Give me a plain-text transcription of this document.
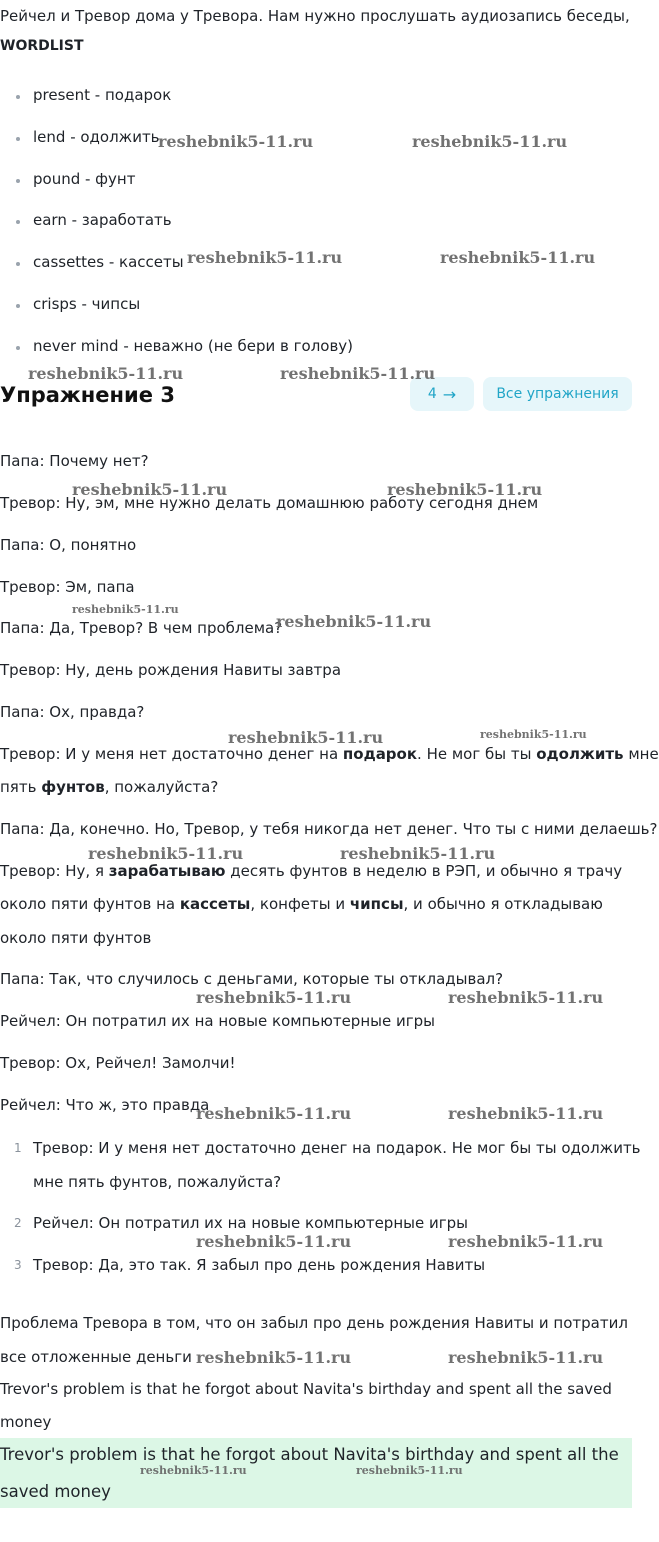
Рейчел и Тревор дома у Тревора. Нам нужно прослушать аудиозапись беседы,
WORDLIST
present - подарок
lend - одолжить
pound - фунт
earn - заработать
cassettes - кассеты
crisps - чипсы
never mind - неважно (не бери в голову)
Упражнение 3	4 →	Все упражнения
Папа: Почему нет?
Тревор: Ну, эм, мне нужно делать домашнюю работу сегодня днем
Папа: О, понятно
Тревор: Эм, папа
Папа: Да, Тревор? В чем проблема?
Тревор: Ну, день рождения Навиты завтра
Папа: Ох, правда?
Тревор: И у меня нет достаточно денег на подарок. Не мог бы ты одолжить мне
пять фунтов, пожалуйста?
Папа: Да, конечно. Но, Тревор, у тебя никогда нет денег. Что ты с ними делаешь?
Тревор: Ну, я зарабатываю десять фунтов в неделю в РЭП, и обычно я трачу
около пяти фунтов на кассеты, конфеты и чипсы, и обычно я откладываю
около пяти фунтов
Папа: Так, что случилось с деньгами, которые ты откладывал?
Рейчел: Он потратил их на новые компьютерные игры
Тревор: Ох, Рейчел! Замолчи!
Рейчел: Что ж, это правда
1 Тревор: И у меня нет достаточно денег на подарок. Не мог бы ты одолжить
мне пять фунтов, пожалуйста?
2 Рейчел: Он потратил их на новые компьютерные игры
3 Тревор: Да, это так. Я забыл про день рождения Навиты
Проблема Тревора в том, что он забыл про день рождения Навиты и потратил
все отложенные деньги
Trevor's problem is that he forgot about Navita's birthday and spent all the saved
money
Trevor's problem is that he forgot about Navita's birthday and spent all the
saved money
reshebnik5-11.ru	reshebnik5-11.ru
reshebnik5-11.ru	reshebnik5-11.ru
reshebnik5-11.ru	reshebnik5-11.ru
reshebnik5-11.ru	reshebnik5-11.ru
reshebnik5-11.ru
reshebnik5-11.ru
reshebnik5-11.ru	reshebnik5-11.ru
reshebnik5-11.ru	reshebnik5-11.ru
reshebnik5-11.ru	reshebnik5-11.ru
reshebnik5-11.ru	reshebnik5-11.ru
reshebnik5-11.ru	reshebnik5-11.ru
reshebnik5-11.ru	reshebnik5-11.ru
reshebnik5-11.ru	reshebnik5-11.ru
